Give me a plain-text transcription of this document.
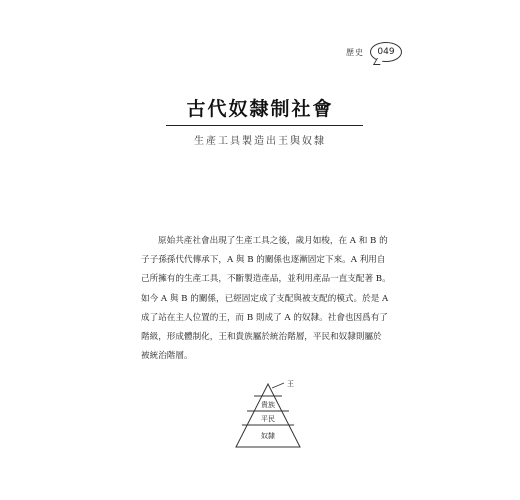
歷史 049
古代奴隸制社會
生產工具製造出王與奴隸
原始共產社會出現了生產工具之後，歲月如梭，在 A 和 B 的
子子孫孫代代傳承下，A 與 B 的關係也逐漸固定下來。A 利用自
己所擁有的生產工具，不斷製造產品，並利用產品一直支配著 B。
如今 A 與 B 的關係，已經固定成了支配與被支配的模式。於是 A
成了站在主人位置的王，而 B 則成了 A 的奴隸。社會也因爲有了
階級，形成體制化，王和貴族屬於統治階層，平民和奴隸則屬於
被統治階層。
王
貴族
平民
奴隸
